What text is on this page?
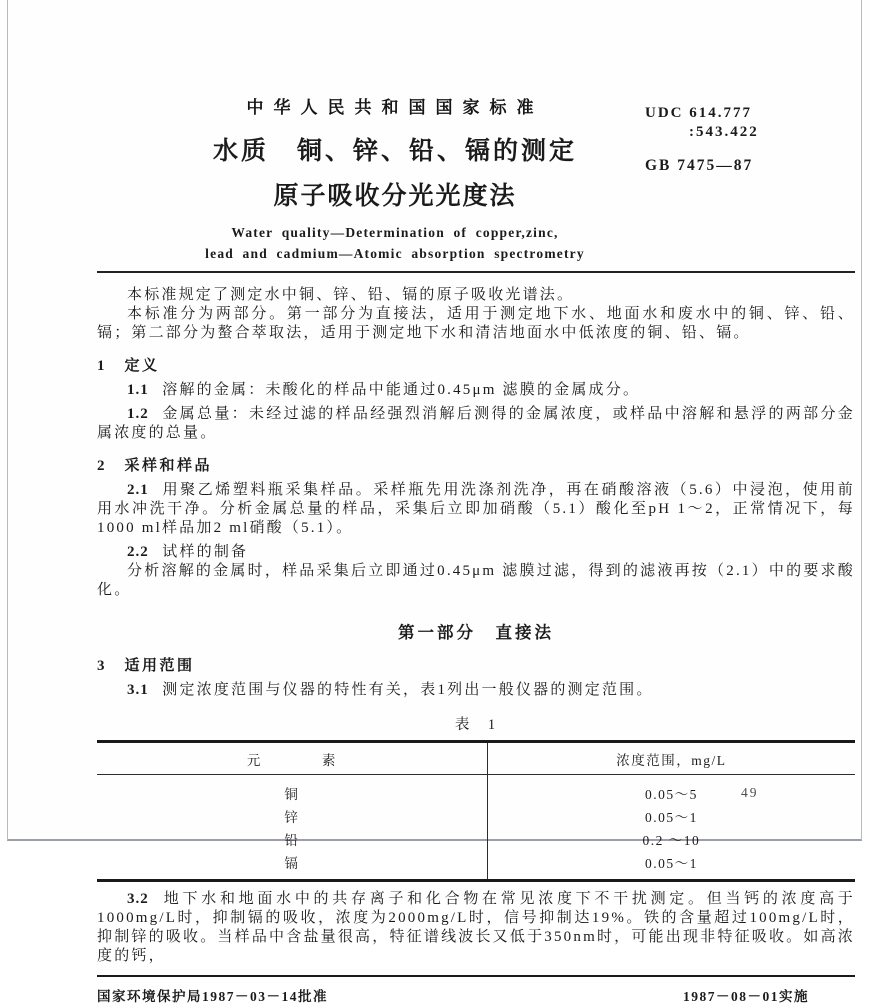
中华人民共和国国家标准
水质　铜、锌、铅、镉的测定
原子吸收分光光度法
Water quality—Determination of copper,zinc,
lead and cadmium—Atomic absorption spectrometry
UDC 614.777
:543.422
GB 7475—87

本标准规定了测定水中铜、锌、铅、镉的原子吸收光谱法。

本标准分为两部分。第一部分为直接法，适用于测定地下水、地面水和废水中的铜、锌、铅、镉；第二部分为螯合萃取法，适用于测定地下水和清洁地面水中低浓度的铜、铅、镉。

1　定义

1.1 溶解的金属：未酸化的样品中能通过0.45μm 滤膜的金属成分。

1.2 金属总量：未经过滤的样品经强烈消解后测得的金属浓度，或样品中溶解和悬浮的两部分金属浓度的总量。

2　采样和样品

2.1 用聚乙烯塑料瓶采集样品。采样瓶先用洗涤剂洗净，再在硝酸溶液（5.6）中浸泡，使用前用水冲洗干净。分析金属总量的样品，采集后立即加硝酸（5.1）酸化至pH 1～2，正常情况下，每1000 ml样品加2 ml硝酸（5.1）。

2.2 试样的制备

分析溶解的金属时，样品采集后立即通过0.45μm 滤膜过滤，得到的滤液再按（2.1）中的要求酸化。

第一部分　直接法

3　适用范围

3.1 测定浓度范围与仪器的特性有关，表1列出一般仪器的测定范围。

表　1
元　　　　素	浓度范围，mg/L
铜	0.05～5
锌	0.05～1
铅	0.2 ～10
镉	0.05～1

3.2 地下水和地面水中的共存离子和化合物在常见浓度下不干扰测定。但当钙的浓度高于1000mg/L时，抑制镉的吸收，浓度为2000mg/L时，信号抑制达19%。铁的含量超过100mg/L时，抑制锌的吸收。当样品中含盐量很高，特征谱线波长又低于350nm时，可能出现非特征吸收。如高浓度的钙，

国家环境保护局1987－03－14批准	1987－08－01实施
49
